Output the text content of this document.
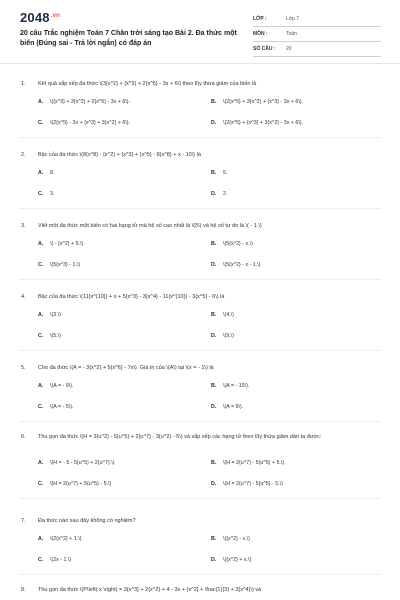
$2048^{.vn}$
20 câu Trắc nghiệm Toán 7 Chân trời sáng tạo Bài 2. Đa thức một biến (Đúng sai - Trả lời ngắn) có đáp án
LỚP :	Lớp 7
MÔN :	Toán
SỐ CÂU :	20
1. Kết quả sắp xếp đa thức \(3{x^2} + {x^3} + 2{x^5} - 3x + 6\) theo lũy thừa giảm của biến là
A. \({x^3} + 3{x^2} + 2{x^5} - 3x + 6\).	B. \(2{x^5} + 3{x^2} + {x^3} - 3x + 6\).
C. \(2{x^5} - 3x + {x^3} + 3{x^2} + 6\).	D. \(2{x^5} + {x^3} + 3{x^2} - 3x + 6\).
2. Bậc của đa thức \(8{x^8} - {x^2} + {x^3} + {x^5} - 8{x^8} + x - 10\) là
A. 8.	B. 5.
C. 3.	D. 2.
3. Viết một đa thức một biến có hai hạng tử mà hệ số cao nhất là \(5\) và hệ số tự do là \( - 1.\)
A. \( - {x^2} + 5.\)	B. \(5{x^2} - x.\)
C. \(5{x^3} - 1.\)	D. \(5{x^2} - x - 1.\)
4. Bậc của đa thức \(11{x^{10}} + x + 5{x^3} - 3{x^4} - 11{x^{10}} - 3{x^5} - 6\) là
A. \(3.\)	B. \(4.\)
C. \(5.\)	D. \(9.\)
5. Cho đa thức \(A = - 3{x^2} + 5{x^6} - 7x\). Giá trị của \(A\) tại \(x = - 1\) là
A. \(A = - 9\).	B. \(A = - 15\).
C. \(A = - 5\).	D. \(A = 9\).
6. Thu gọn đa thức \(H = 3{u^2} - 5{u^5} + 2{u^7} - 3{u^2} - 5\) và sắp xếp các hạng tử theo lũy thừa giảm dần ta được:
A. \(H = - 5 - 5{u^5} + 2{u^7}.\)	B. \(H = 2{u^7} - 5{u^5} + 5.\)
C. \(H = 2{u^7} + 5{u^5} - 5.\)	D. \(H = 2{u^7} - 5{u^5} - 5.\)
7. Đa thức nào sau đây không có nghiệm?
A. \(2{x^2} + 1.\)	B. \({x^2} - x.\)
C. \(2x - 1.\)	D. \({x^2} + x.\)
8. Thu gọn đa thức \(P\left( x \right) = 3{x^3} + 2{x^2} + 4 - 3x + {x^2} + \frac{1}{3} + 3{x^4}\) và
